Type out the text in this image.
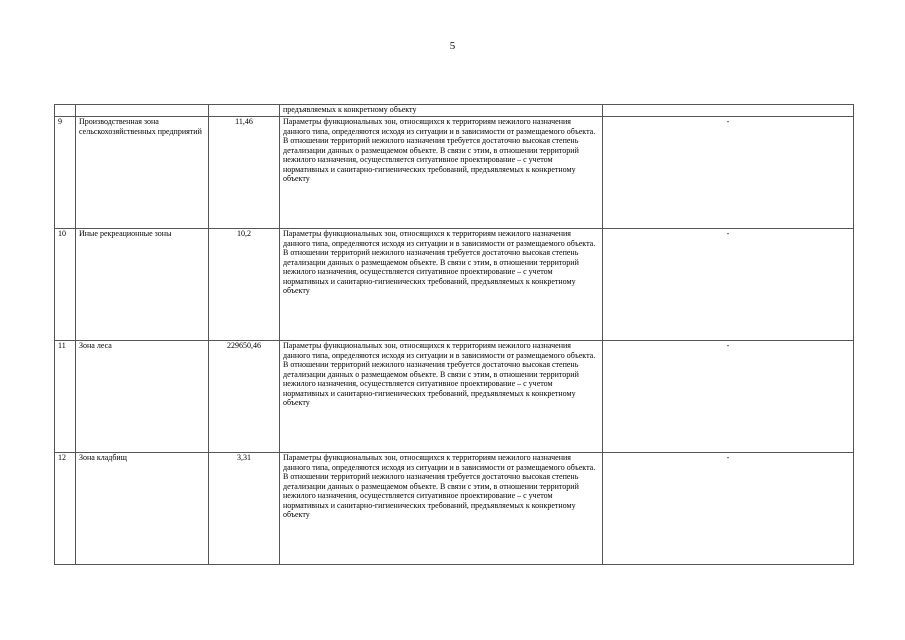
5
			предъявляемых к конкретному объекту	
9	Производственная зона сельскохозяйственных предприятий	11,46	Параметры функциональных зон, относящихся к территориям нежилого назначения данного типа, определяются исходя из ситуации и в зависимости от размещаемого объекта. В отношении территорий нежилого назначения требуется достаточно высокая степень детализации данных о размещаемом объекте. В связи с этим, в отношении территорий нежилого назначения, осуществляется ситуативное проектирование – с учетом нормативных и санитарно-гигиенических требований, предъявляемых к конкретному объекту	-
10	Иные рекреационные зоны	10,2	Параметры функциональных зон, относящихся к территориям нежилого назначения данного типа, определяются исходя из ситуации и в зависимости от размещаемого объекта. В отношении территорий нежилого назначения требуется достаточно высокая степень детализации данных о размещаемом объекте. В связи с этим, в отношении территорий нежилого назначения, осуществляется ситуативное проектирование – с учетом нормативных и санитарно-гигиенических требований, предъявляемых к конкретному объекту	-
11	Зона леса	229650,46	Параметры функциональных зон, относящихся к территориям нежилого назначения данного типа, определяются исходя из ситуации и в зависимости от размещаемого объекта. В отношении территорий нежилого назначения требуется достаточно высокая степень детализации данных о размещаемом объекте. В связи с этим, в отношении территорий нежилого назначения, осуществляется ситуативное проектирование – с учетом нормативных и санитарно-гигиенических требований, предъявляемых к конкретному объекту	-
12	Зона кладбищ	3,31	Параметры функциональных зон, относящихся к территориям нежилого назначения данного типа, определяются исходя из ситуации и в зависимости от размещаемого объекта. В отношении территорий нежилого назначения требуется достаточно высокая степень детализации данных о размещаемом объекте. В связи с этим, в отношении территорий нежилого назначения, осуществляется ситуативное проектирование – с учетом нормативных и санитарно-гигиенических требований, предъявляемых к конкретному объекту	-
